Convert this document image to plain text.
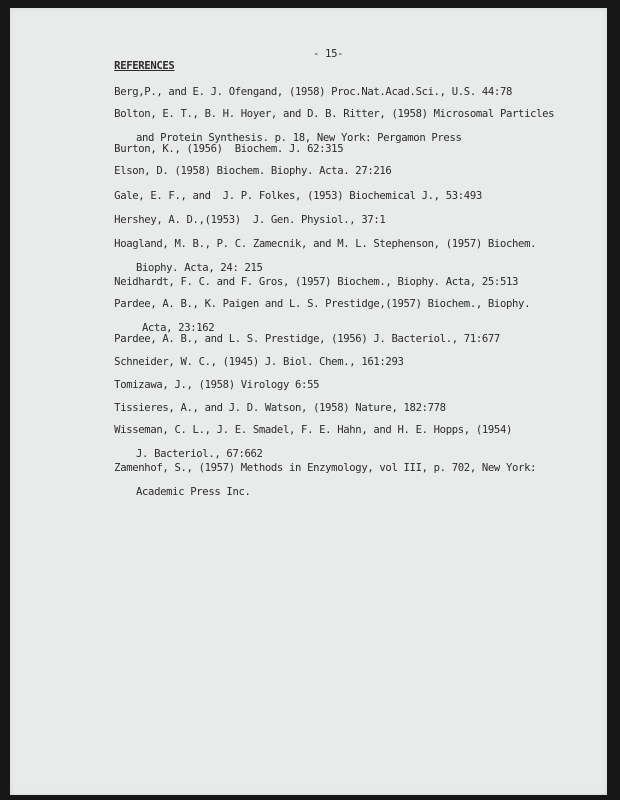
REFERENCES

- 15-

Berg,P., and E. J. Ofengand, (1958) Proc.Nat.Acad.Sci., U.S. 44:78

Bolton, E. T., B. H. Hoyer, and D. B. Ritter, (1958) Microsomal Particles

and Protein Synthesis. p. 18, New York: Pergamon Press

Burton, K., (1956)  Biochem. J. 62:315

Elson, D. (1958) Biochem. Biophy. Acta. 27:216

Gale, E. F., and  J. P. Folkes, (1953) Biochemical J., 53:493

Hershey, A. D.,(1953)  J. Gen. Physiol., 37:1

Hoagland, M. B., P. C. Zamecnik, and M. L. Stephenson, (1957) Biochem.

Biophy. Acta, 24: 215

Neidhardt, F. C. and F. Gros, (1957) Biochem., Biophy. Acta, 25:513

Pardee, A. B., K. Paigen and L. S. Prestidge,(1957) Biochem., Biophy.

Acta, 23:162

Pardee, A. B., and L. S. Prestidge, (1956) J. Bacteriol., 71:677

Schneider, W. C., (1945) J. Biol. Chem., 161:293

Tomizawa, J., (1958) Virology 6:55

Tissieres, A., and J. D. Watson, (1958) Nature, 182:778

Wisseman, C. L., J. E. Smadel, F. E. Hahn, and H. E. Hopps, (1954)

J. Bacteriol., 67:662

Zamenhof, S., (1957) Methods in Enzymology, vol III, p. 702, New York:

Academic Press Inc.
